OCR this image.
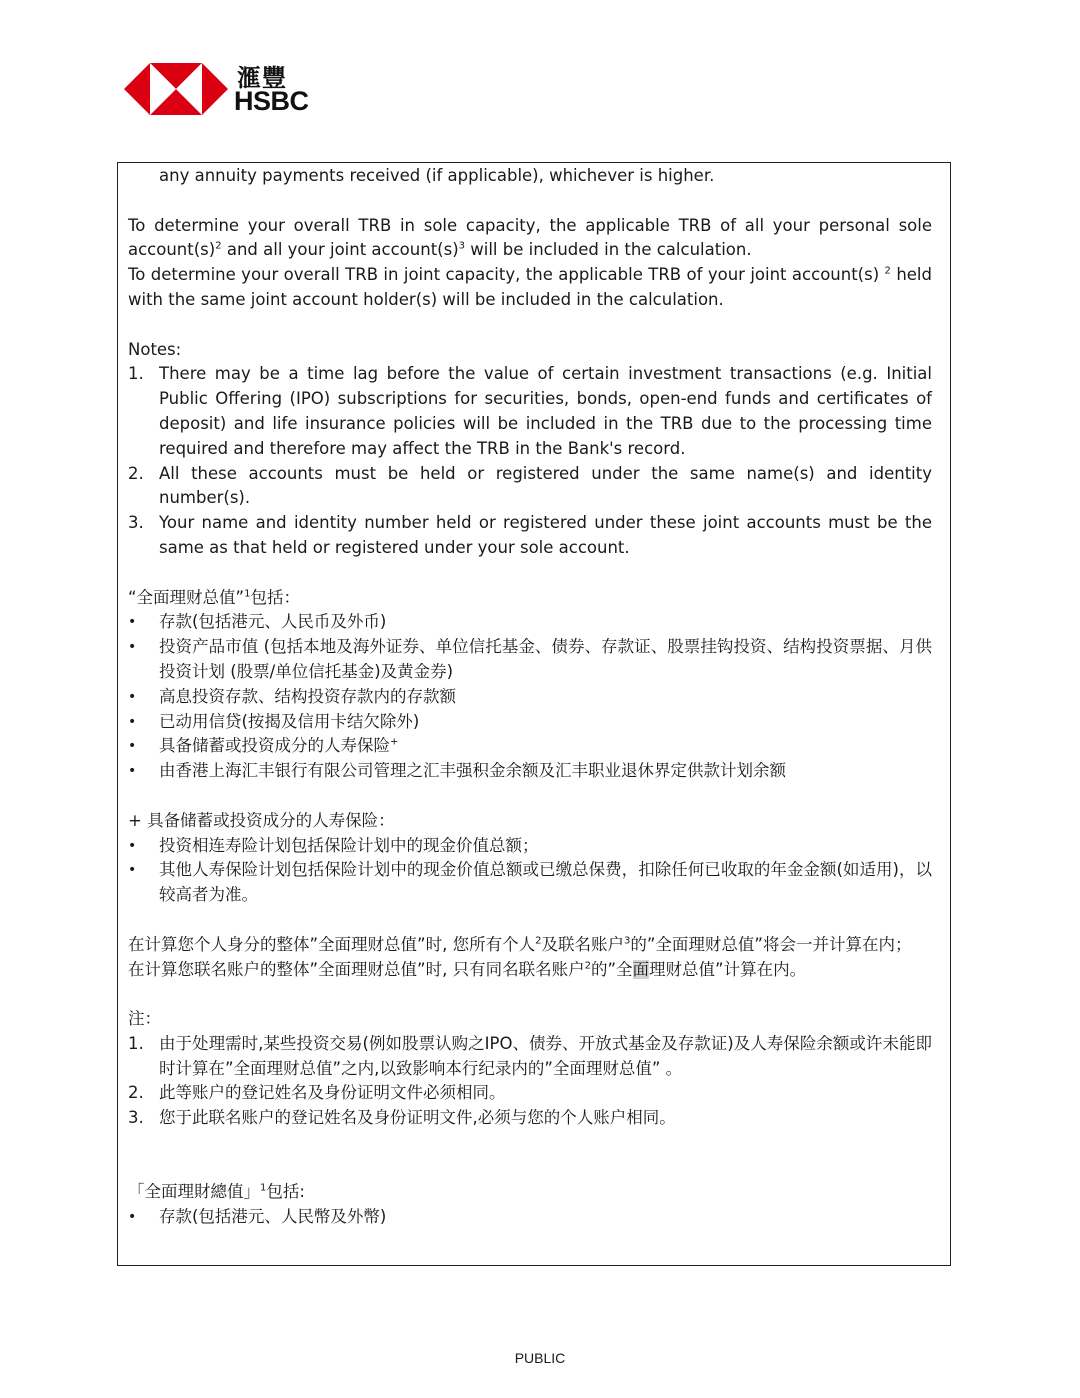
滙豐
HSBC

any annuity payments received (if applicable), whichever is higher.

To determine your overall TRB in sole capacity, the applicable TRB of all your personal sole $account(s)^2$ and all your joint $account(s)^3$ will be included in the calculation.

To determine your overall TRB in joint capacity, the applicable TRB of your joint account(s) $^2$ held with the same joint account holder(s) will be included in the calculation.

Notes:

1. There may be a time lag before the value of certain investment transactions (e.g. Initial Public Offering (IPO) subscriptions for securities, bonds, open-end funds and certificates of deposit) and life insurance policies will be included in the TRB due to the processing time required and therefore may affect the TRB in the Bank's record.
2. All these accounts must be held or registered under the same name(s) and identity number(s).
3. Your name and identity number held or registered under these joint accounts must be the same as that held or registered under your sole account.

“全面理财总值”$^1$包括：

• 存款(包括港元、人民币及外币)
• 投资产品市值 (包括本地及海外证券、单位信托基金、债券、存款证、股票挂钩投资、结构投资票据、月供投资计划 (股票/单位信托基金)及黄金券)
• 高息投资存款、结构投资存款内的存款额
• 已动用信贷(按揭及信用卡结欠除外)
• 具备储蓄或投资成分的人寿保险+
• 由香港上海汇丰银行有限公司管理之汇丰强积金余额及汇丰职业退休界定供款计划余额

+ 具备储蓄或投资成分的人寿保险：

• 投资相连寿险计划包括保险计划中的现金价值总额；
• 其他人寿保险计划包括保险计划中的现金价值总额或已缴总保费，扣除任何已收取的年金金额(如适用)，以较高者为准。

在计算您个人身分的整体”全面理财总值”时, 您所有个人$^2$及联名账户$^3$的”全面理财总值”将会一并计算在内；

在计算您联名账户的整体”全面理财总值”时, 只有同名联名账户$^2$的”全面理财总值”计算在内。

注：

1. 由于处理需时,某些投资交易(例如股票认购之IPO、债券、开放式基金及存款证)及人寿保险余额或许未能即时计算在”全面理财总值”之内,以致影响本行纪录内的”全面理财总值” 。
2. 此等账户的登记姓名及身份证明文件必须相同。
3. 您于此联名账户的登记姓名及身份证明文件,必须与您的个人账户相同。

「全面理財總值」$^1$包括:

• 存款(包括港元、人民幣及外幣)
PUBLIC
